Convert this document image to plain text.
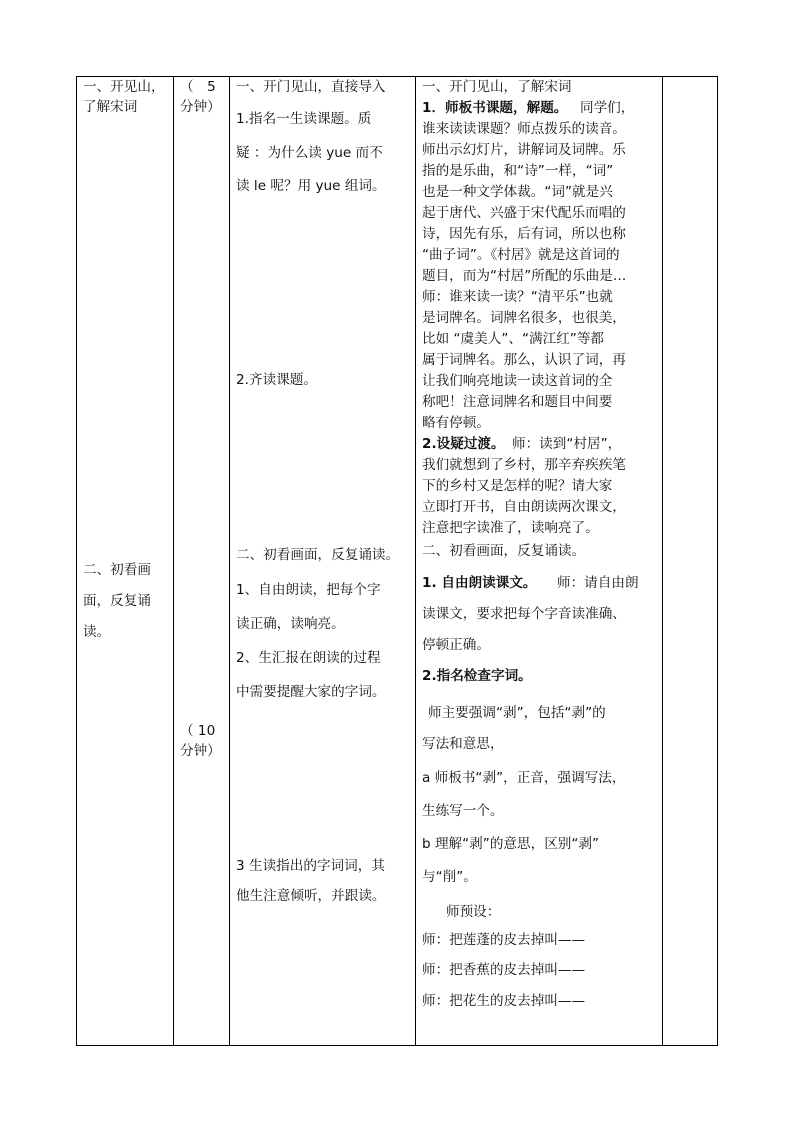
一、开见山，
了解宋词
二、初看画
面，反复诵
读。
（　5
分钟）
（ 10
分钟）
一、开门见山，直接导入
1.指名一生读课题。质
疑 ：为什么读 yue 而不
读 le 呢？用 yue 组词。
2.齐读课题。
二、初看画面，反复诵读。
1、自由朗读，把每个字
读正确，读响亮。
2、生汇报在朗读的过程
中需要提醒大家的字词。
3 生读指出的字词词，其
他生注意倾听，并跟读。
一、开门见山，了解宋词
1．师板书课题，解题。 同学们，
谁来读读课题？师点拨乐的读音。
师出示幻灯片，讲解词及词牌。乐
指的是乐曲，和“诗”一样，“词”
也是一种文学体裁。“词”就是兴
起于唐代、兴盛于宋代配乐而唱的
诗，因先有乐，后有词，所以也称
“曲子词”。《村居》就是这首词的
题目，而为“村居”所配的乐曲是…
师：谁来读一读？“清平乐”也就
是词牌名。词牌名很多，也很美，
比如 “虞美人”、“满江红”等都
属于词牌名。那么，认识了词，再
让我们响亮地读一读这首词的全
称吧！注意词牌名和题目中间要
略有停顿。
2.设疑过渡。 师：读到“村居”，
我们就想到了乡村，那辛弃疾疾笔
下的乡村又是怎样的呢？请大家
立即打开书，自由朗读两次课文，
注意把字读准了，读响亮了。
二、初看画面，反复诵读。
1. 自由朗读课文。 师：请自由朗
读课文，要求把每个字音读准确、
停顿正确。
2.指名检查字词。
师主要强调“剥”，包括“剥”的
写法和意思，
a 师板书“剥”，正音，强调写法，
生练写一个。
b 理解“剥”的意思，区别“剥”
与“削”。
师预设：
师：把莲蓬的皮去掉叫——
师：把香蕉的皮去掉叫——
师：把花生的皮去掉叫——
